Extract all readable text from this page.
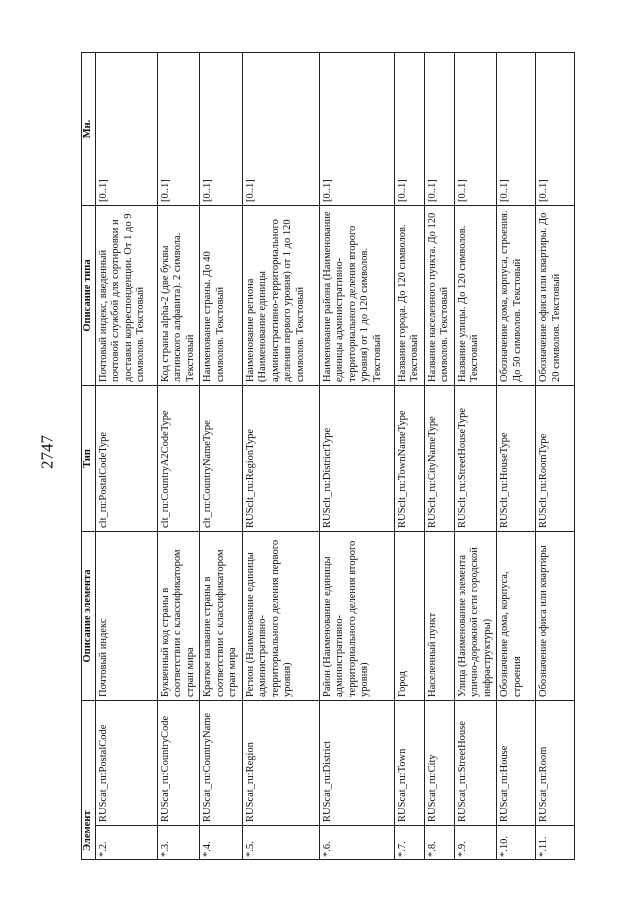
2747
Элемент		Описание элемента	Тип	Описание типа	Мн.
*.2.	RUScat_ru:PostalCode	Почтовый индекс	clt_ru:PostalCodeType	Почтовый индекс, введенный почтовой службой для сортировки и доставки корреспонденции. От 1 до 9 символов. Текстовый	[0..1]
*.3.	RUScat_ru:CountryCode	Буквенный код страны в соответствии с классификатором стран мира	clt_ru:CountryA2CodeType	Код страны alpha-2 (две буквы латинского алфавита). 2 символа. Текстовый	[0..1]
*.4.	RUScat_ru:CountryName	Краткое название страны в соответствии с классификатором стран мира	clt_ru:CountryNameType	Наименование страны. До 40 символов. Текстовый	[0..1]
*.5.	RUScat_ru:Region	Регион (Наименование единицы административно-территориального деления первого уровня)	RUSclt_ru:RegionType	Наименование региона (Наименование единицы административно-территориального деления первого уровня) от 1 до 120 символов. Текстовый	[0..1]
*.6.	RUScat_ru:District	Район (Наименование единицы административно-территориального деления второго уровня)	RUSclt_ru:DistrictType	Наименование района (Наименование единицы административно-территориального деления второго уровня) от 1 до 120 символов. Текстовый	[0..1]
*.7.	RUScat_ru:Town	Город	RUSclt_ru:TownNameType	Название города. До 120 символов. Текстовый	[0..1]
*.8.	RUScat_ru:City	Населенный пункт	RUSclt_ru:CityNameType	Название населенного пункта. До 120 символов. Текстовый	[0..1]
*.9.	RUScat_ru:StreetHouse	Улица (Наименование элемента улично-дорожной сети городской инфраструктуры)	RUSclt_ru:StreetHouseType	Название улицы. До 120 символов. Текстовый	[0..1]
*.10.	RUScat_ru:House	Обозначение дома, корпуса, строения	RUSclt_ru:HouseType	Обозначение дома, корпуса, строения. До 50 символов. Текстовый	[0..1]
*.11.	RUScat_ru:Room	Обозначение офиса или квартиры	RUSclt_ru:RoomType	Обозначение офиса или квартиры. До 20 символов. Текстовый	[0..1]
